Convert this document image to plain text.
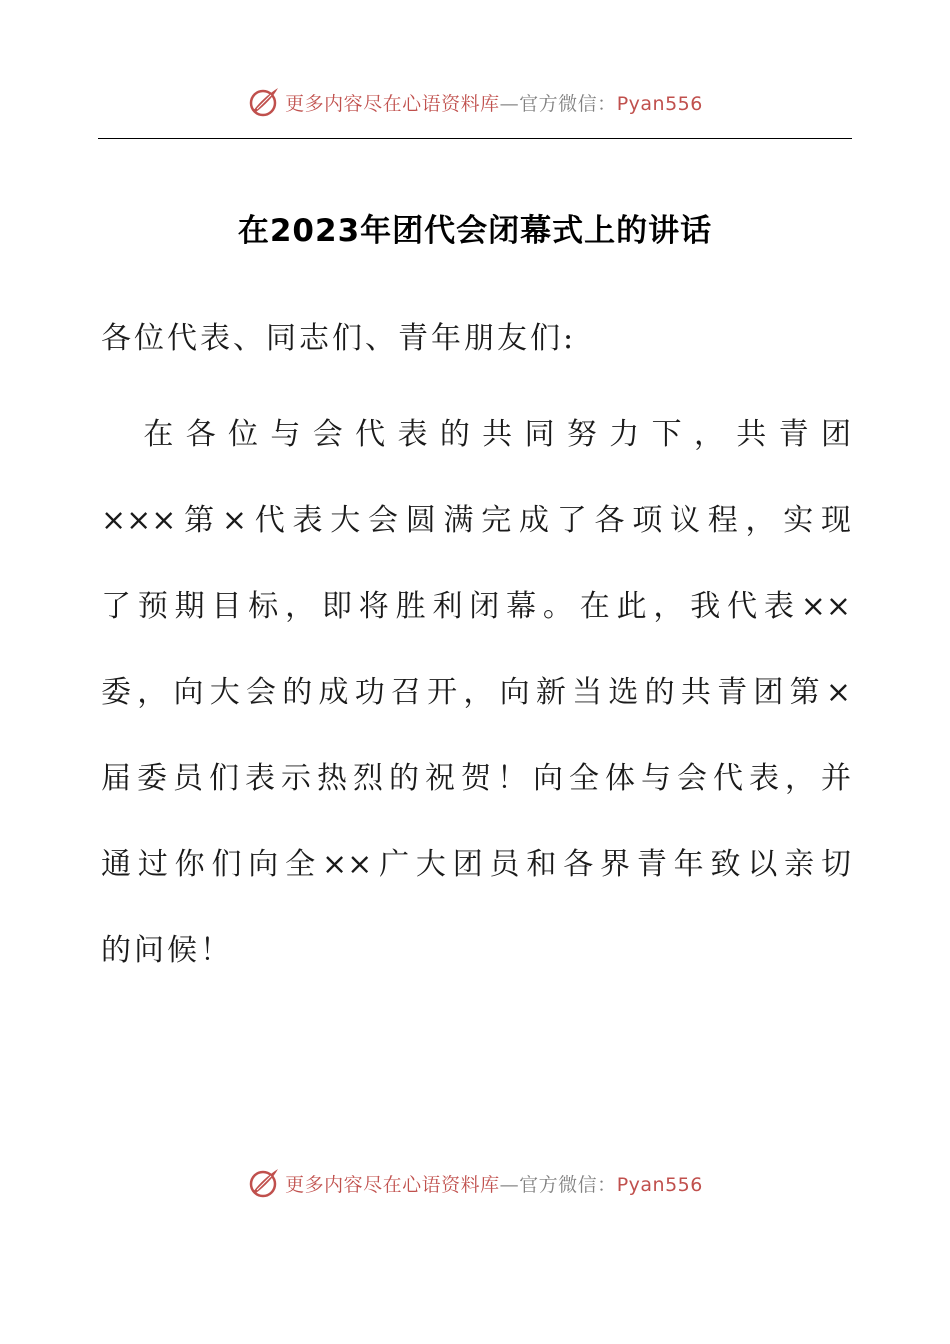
更多内容尽在心语资料库—官方微信：Pyan556
在2023年团代会闭幕式上的讲话
各位代表、同志们、青年朋友们:
　在各位与会代表的共同努力下，共青团
×××第×代表大会圆满完成了各项议程，实现
了预期目标，即将胜利闭幕。在此，我代表××
委，向大会的成功召开，向新当选的共青团第×
届委员们表示热烈的祝贺！向全体与会代表，并
通过你们向全××广大团员和各界青年致以亲切
的问候！
更多内容尽在心语资料库—官方微信：Pyan556
